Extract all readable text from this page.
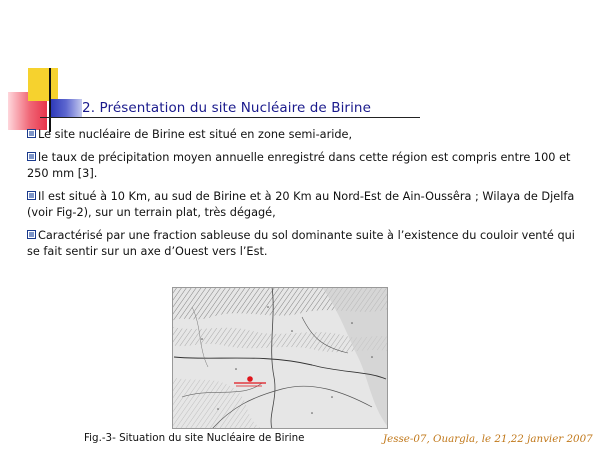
2. Présentation du site Nucléaire de Birine
Le site nucléaire de Birine est situé en zone semi-aride,
le taux de précipitation moyen annuelle enregistré dans cette région est compris entre 100 et 250 mm [3].
Il est situé à 10 Km, au sud de Birine et à 20 Km au Nord-Est de Ain-Oussêra ; Wilaya de Djelfa (voir Fig-2), sur un terrain plat, très dégagé,
Caractérisé par une fraction sableuse du sol dominante suite à l’existence du couloir venté qui se fait sentir sur un axe d’Ouest vers l’Est.
Fig.-3- Situation du site Nucléaire de Birine	Jesse-07, Ouargla, le 21,22 janvier 2007
